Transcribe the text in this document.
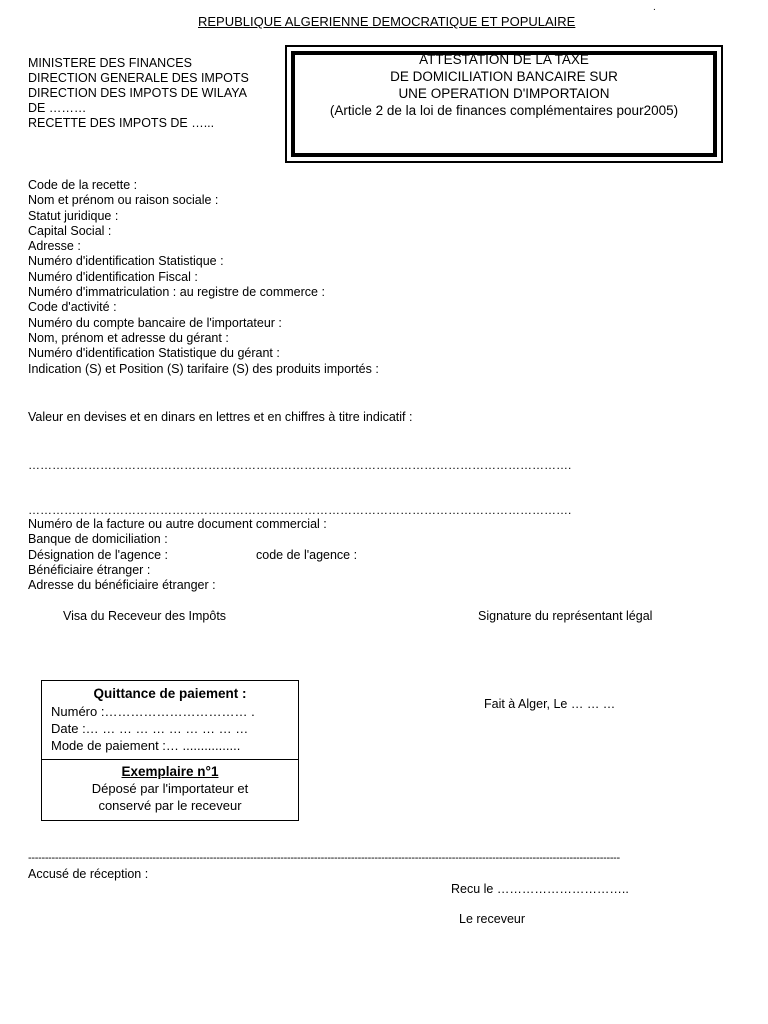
.
REPUBLIQUE ALGERIENNE DEMOCRATIQUE ET POPULAIRE
MINISTERE DES FINANCES
DIRECTION GENERALE DES IMPOTS
DIRECTION DES IMPOTS DE WILAYA
DE ………
RECETTE DES IMPOTS DE …...
ATTESTATION DE LA TAXE
DE DOMICILIATION BANCAIRE SUR
UNE OPERATION D'IMPORTAION
(Article 2 de la loi de finances complémentaires pour2005)
Code de la recette :
Nom et prénom ou raison sociale :
Statut juridique :
Capital Social :
Adresse :
Numéro d'identification Statistique :
Numéro d'identification Fiscal :
Numéro d'immatriculation : au registre de commerce :
Code d'activité :
Numéro du compte bancaire de l'importateur :
Nom, prénom et adresse du gérant :
Numéro d'identification Statistique du gérant :
Indication (S) et Position (S) tarifaire (S) des produits importés :
Valeur en devises et en dinars en lettres et en chiffres à titre indicatif :
……………………………………………………………………………………………………………………….
……………………………………………………………………………………………………………………….
Numéro de la facture ou autre document commercial :
Banque de domiciliation :
Désignation de l'agence :	code de l'agence :
Bénéficiaire étranger :
Adresse du bénéficiaire étranger :
Visa du Receveur des Impôts	Signature du représentant légal
Quittance de paiement :
Numéro :…………………………… .
Date :… … … … … … … … … …
Mode de paiement :… ................
Exemplaire n°1
Déposé par l'importateur et
conservé par le receveur
Fait à Alger, Le … … …
--------------------------------------------------------------------------------------------------------------------------------------------------------------------------------
Accusé de réception :
Recu le …………………………..
Le receveur
